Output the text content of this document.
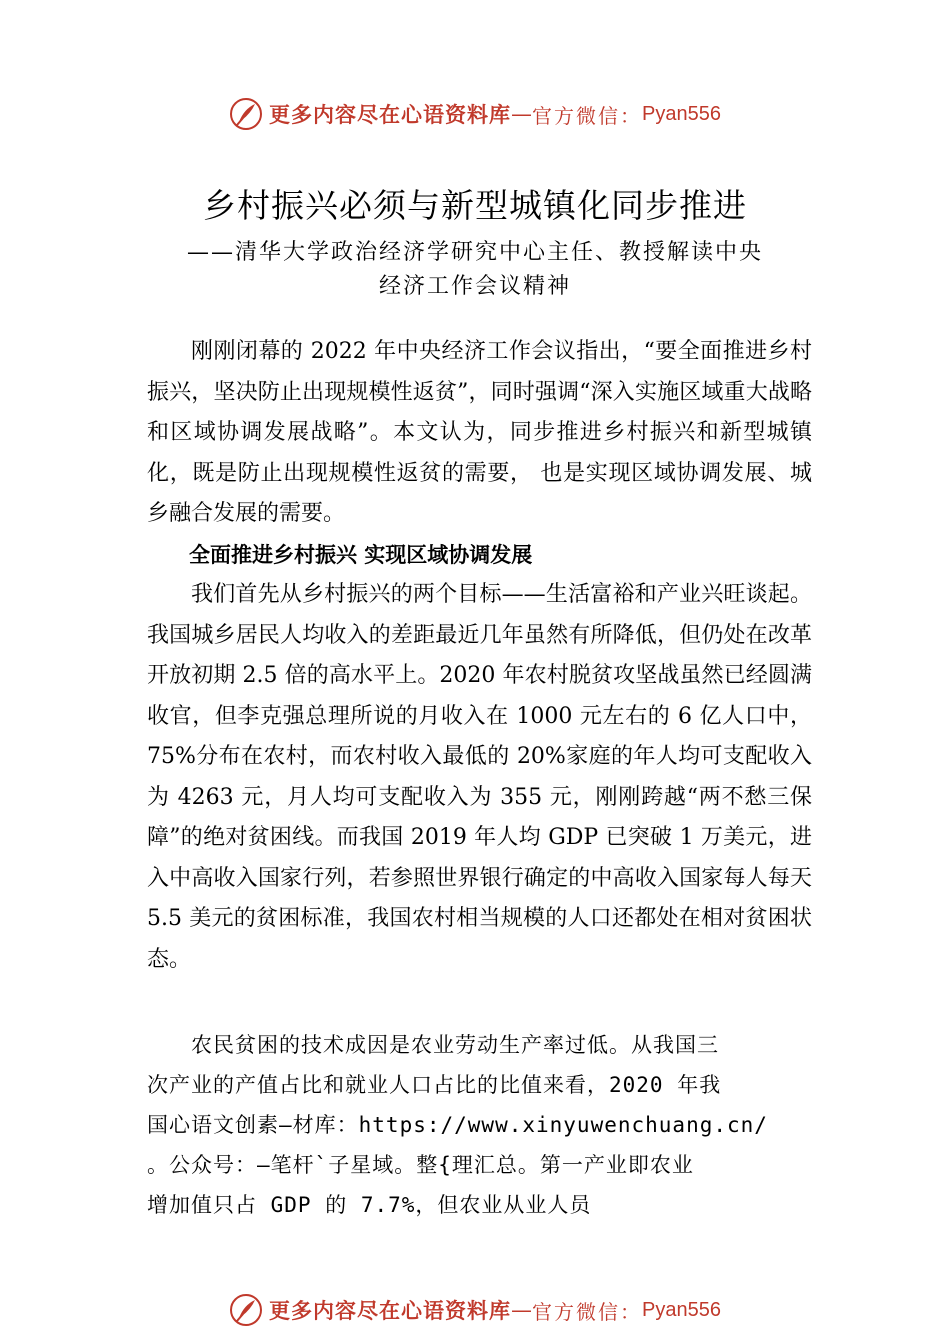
更多内容尽在心语资料库 — 官方微信： Pyan556
乡村振兴必须与新型城镇化同步推进
——清华大学政治经济学研究中心主任、教授解读中央
经济工作会议精神

刚刚闭幕的 2022 年中央经济工作会议指出，“要全面推进乡村振兴，坚决防止出现规模性返贫”，同时强调“深入实施区域重大战略和区域协调发展战略”。本文认为，同步推进乡村振兴和新型城镇化，既是防止出现规模性返贫的需要， 也是实现区域协调发展、城乡融合发展的需要。

全面推进乡村振兴 实现区域协调发展

我们首先从乡村振兴的两个目标——生活富裕和产业兴旺谈起。我国城乡居民人均收入的差距最近几年虽然有所降低，但仍处在改革开放初期 2.5 倍的高水平上。2020 年农村脱贫攻坚战虽然已经圆满收官，但李克强总理所说的月收入在 1000 元左右的 6 亿人口中，75%分布在农村，而农村收入最低的 20%家庭的年人均可支配收入为 4263 元，月人均可支配收入为 355 元，刚刚跨越“两不愁三保障”的绝对贫困线。而我国 2019 年人均 GDP 已突破 1 万美元，进入中高收入国家行列，若参照世界银行确定的中高收入国家每人每天 5.5 美元的贫困标准，我国农村相当规模的人口还都处在相对贫困状态。

　　农民贫困的技术成因是农业劳动生产率过低。从我国三

次产业的产值占比和就业人口占比的比值来看，2020 年我

国心语文创素—材库：https://www.xinyuwenchuang.cn/

。公众号：—笔杆`子星域。整{理汇总。第一产业即农业

增加值只占 GDP 的 7.7%，但农业从业人员

更多内容尽在心语资料库 — 官方微信： Pyan556
